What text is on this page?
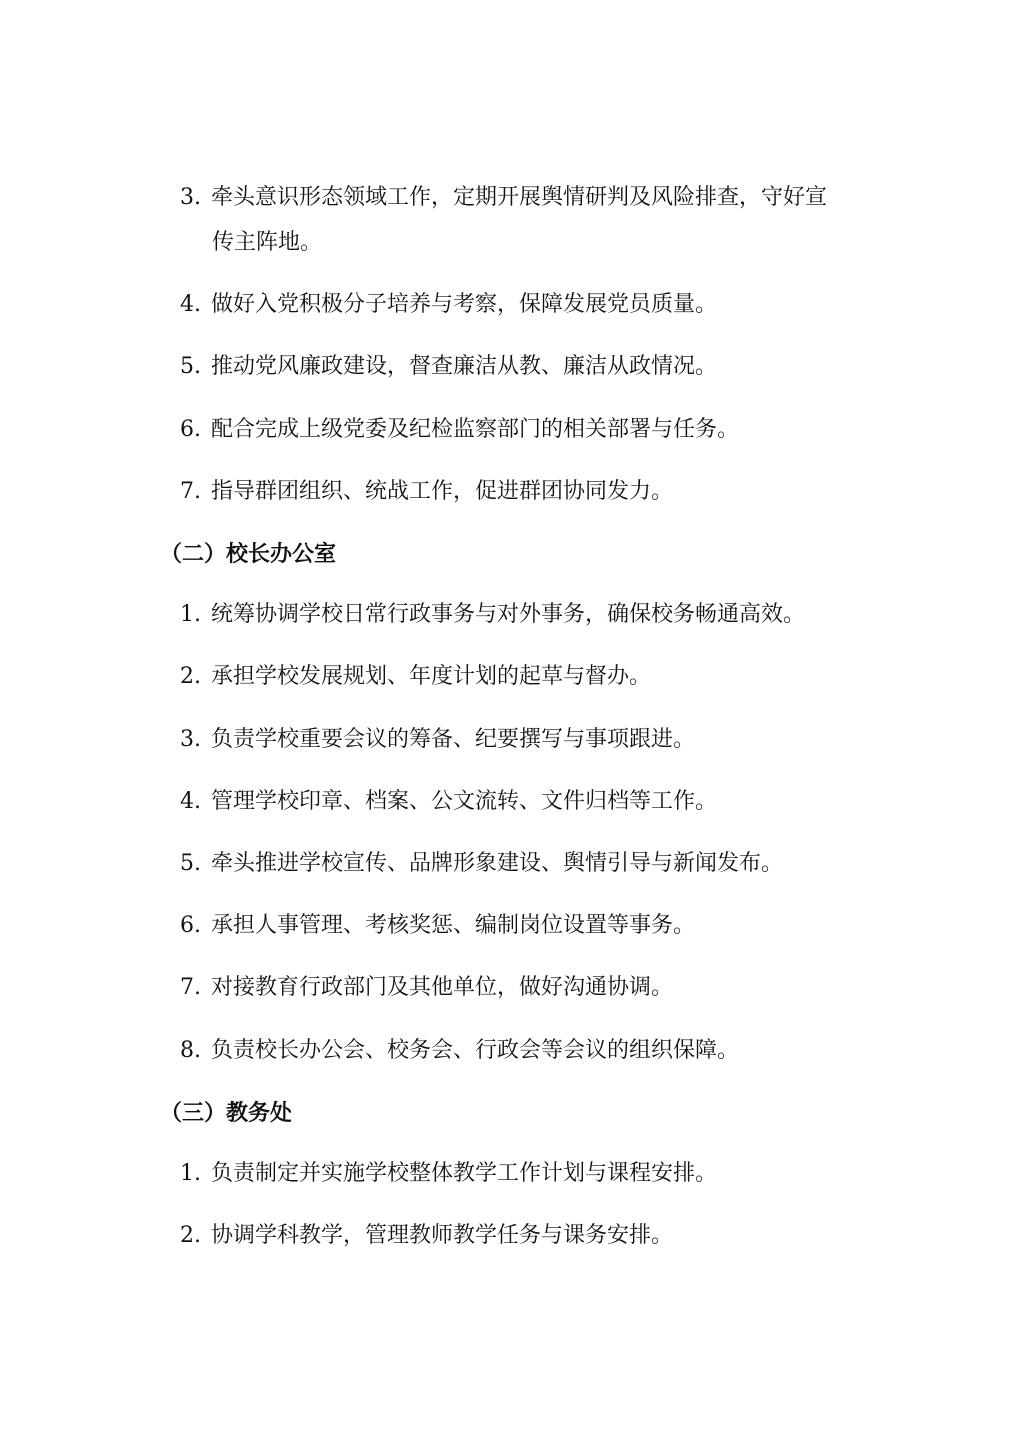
3. 牵头意识形态领域工作，定期开展舆情研判及风险排查，守好宣
传主阵地。
4. 做好入党积极分子培养与考察，保障发展党员质量。
5. 推动党风廉政建设，督查廉洁从教、廉洁从政情况。
6. 配合完成上级党委及纪检监察部门的相关部署与任务。
7. 指导群团组织、统战工作，促进群团协同发力。
（二）校长办公室
1. 统筹协调学校日常行政事务与对外事务，确保校务畅通高效。
2. 承担学校发展规划、年度计划的起草与督办。
3. 负责学校重要会议的筹备、纪要撰写与事项跟进。
4. 管理学校印章、档案、公文流转、文件归档等工作。
5. 牵头推进学校宣传、品牌形象建设、舆情引导与新闻发布。
6. 承担人事管理、考核奖惩、编制岗位设置等事务。
7. 对接教育行政部门及其他单位，做好沟通协调。
8. 负责校长办公会、校务会、行政会等会议的组织保障。
（三）教务处
1. 负责制定并实施学校整体教学工作计划与课程安排。
2. 协调学科教学，管理教师教学任务与课务安排。
